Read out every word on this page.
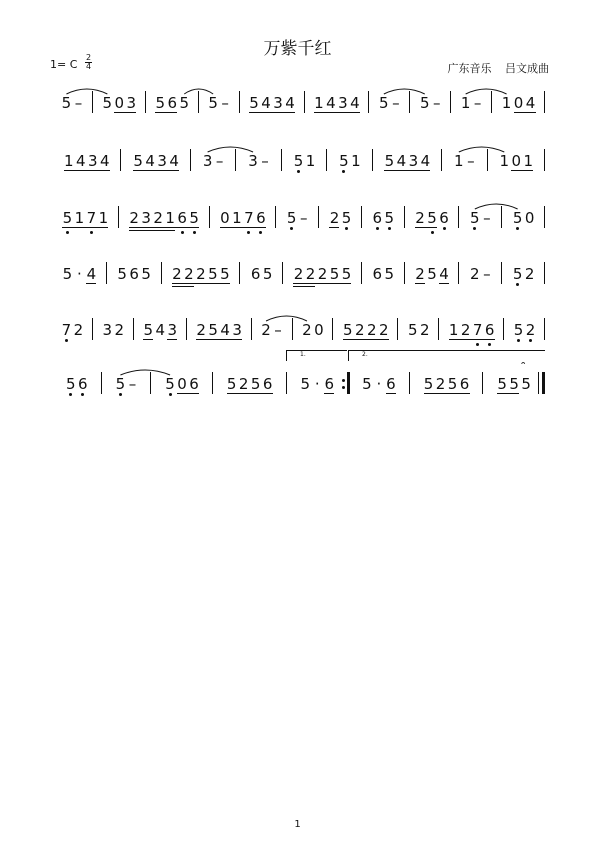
万紫千红
1= C
2
4	广东音乐 吕文成曲
5 – 5 0 3 5 6 5 5 – 5 4 3 4 1 4 3 4 5 – 5 – 1 – 1 0 4
1 4 3 4 5 4 3 4 3 – 3 – 5 1 5 1 5 4 3 4 1 – 1 0 1
5 1 7 1 2 3 2 1 6 5 0 1 7 6 5 – 2 5 6 5 2 5 6 5 – 5 0
5 · 4 5 6 5 2 2 2 5 5 6 5 2 2 2 5 5 6 5 2 5 4 2 – 5 2
7 2 3 2 5 4 3 2 5 4 3 2 – 2 0 5 2 2 2 5 2 1 2 7 6 5 2
5 6 5 – 5 0 6 5 2 5 6 5 · 6 5 · 6 5 2 5 6 5 5 5
1.	2.
1
